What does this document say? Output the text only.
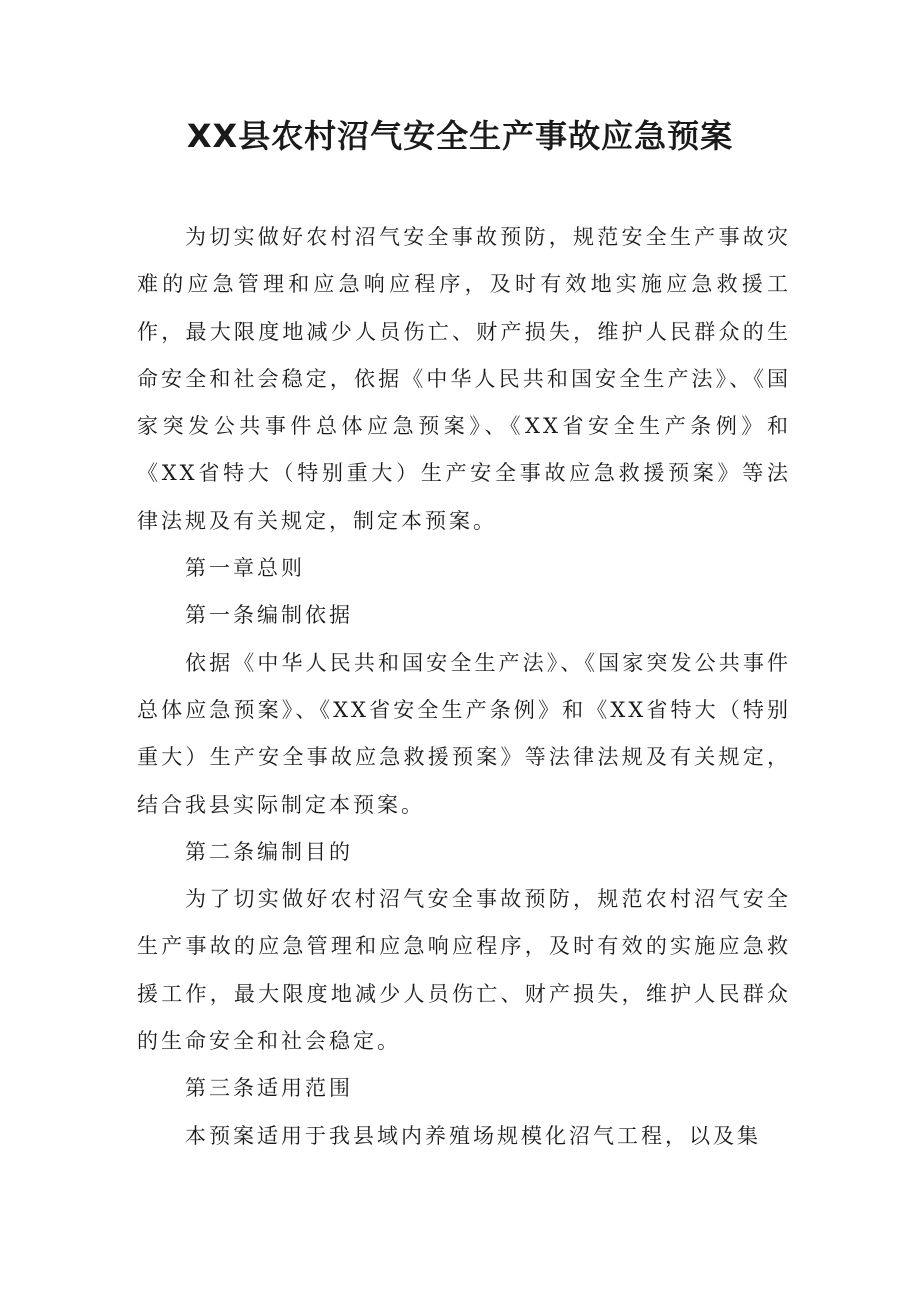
XX县农村沼气安全生产事故应急预案

为切实做好农村沼气安全事故预防，规范安全生产事故灾难的应急管理和应急响应程序，及时有效地实施应急救援工作，最大限度地减少人员伤亡、财产损失，维护人民群众的生命安全和社会稳定，依据《中华人民共和国安全生产法》、《国家突发公共事件总体应急预案》、《XX省安全生产条例》和《XX省特大（特别重大）生产安全事故应急救援预案》等法律法规及有关规定，制定本预案。

第一章总则

第一条编制依据

依据《中华人民共和国安全生产法》、《国家突发公共事件总体应急预案》、《XX省安全生产条例》和《XX省特大（特别重大）生产安全事故应急救援预案》等法律法规及有关规定，结合我县实际制定本预案。

第二条编制目的

为了切实做好农村沼气安全事故预防，规范农村沼气安全生产事故的应急管理和应急响应程序，及时有效的实施应急救援工作，最大限度地减少人员伤亡、财产损失，维护人民群众的生命安全和社会稳定。

第三条适用范围

本预案适用于我县域内养殖场规模化沼气工程，以及集
